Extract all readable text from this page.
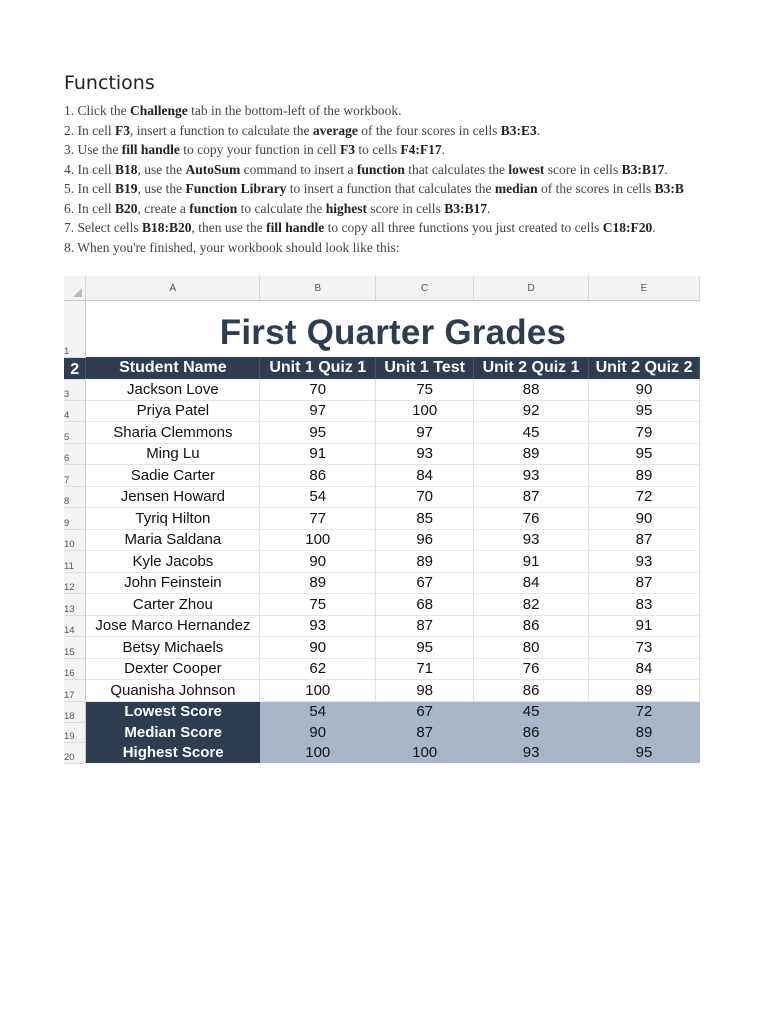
Functions
1. Click the Challenge tab in the bottom-left of the workbook.
2. In cell F3, insert a function to calculate the average of the four scores in cells B3:E3.
3. Use the fill handle to copy your function in cell F3 to cells F4:F17.
4. In cell B18, use the AutoSum command to insert a function that calculates the lowest score in cells B3:B17.
5. In cell B19, use the Function Library to insert a function that calculates the median of the scores in cells B3:B
6. In cell B20, create a function to calculate the highest score in cells B3:B17.
7. Select cells B18:B20, then use the fill handle to copy all three functions you just created to cells C18:F20.
8. When you're finished, your workbook should look like this:
	A	B	C	D	E
1	First Quarter Grades				
2	Student Name	Unit 1 Quiz 1	Unit 1 Test	Unit 2 Quiz 1	Unit 2 Quiz 2
3	Jackson Love	70	75	88	90
4	Priya Patel	97	100	92	95
5	Sharia Clemmons	95	97	45	79
6	Ming Lu	91	93	89	95
7	Sadie Carter	86	84	93	89
8	Jensen Howard	54	70	87	72
9	Tyriq Hilton	77	85	76	90
10	Maria Saldana	100	96	93	87
11	Kyle Jacobs	90	89	91	93
12	John Feinstein	89	67	84	87
13	Carter Zhou	75	68	82	83
14	Jose Marco Hernandez	93	87	86	91
15	Betsy Michaels	90	95	80	73
16	Dexter Cooper	62	71	76	84
17	Quanisha Johnson	100	98	86	89
18	Lowest Score	54	67	45	72
19	Median Score	90	87	86	89
20	Highest Score	100	100	93	95
